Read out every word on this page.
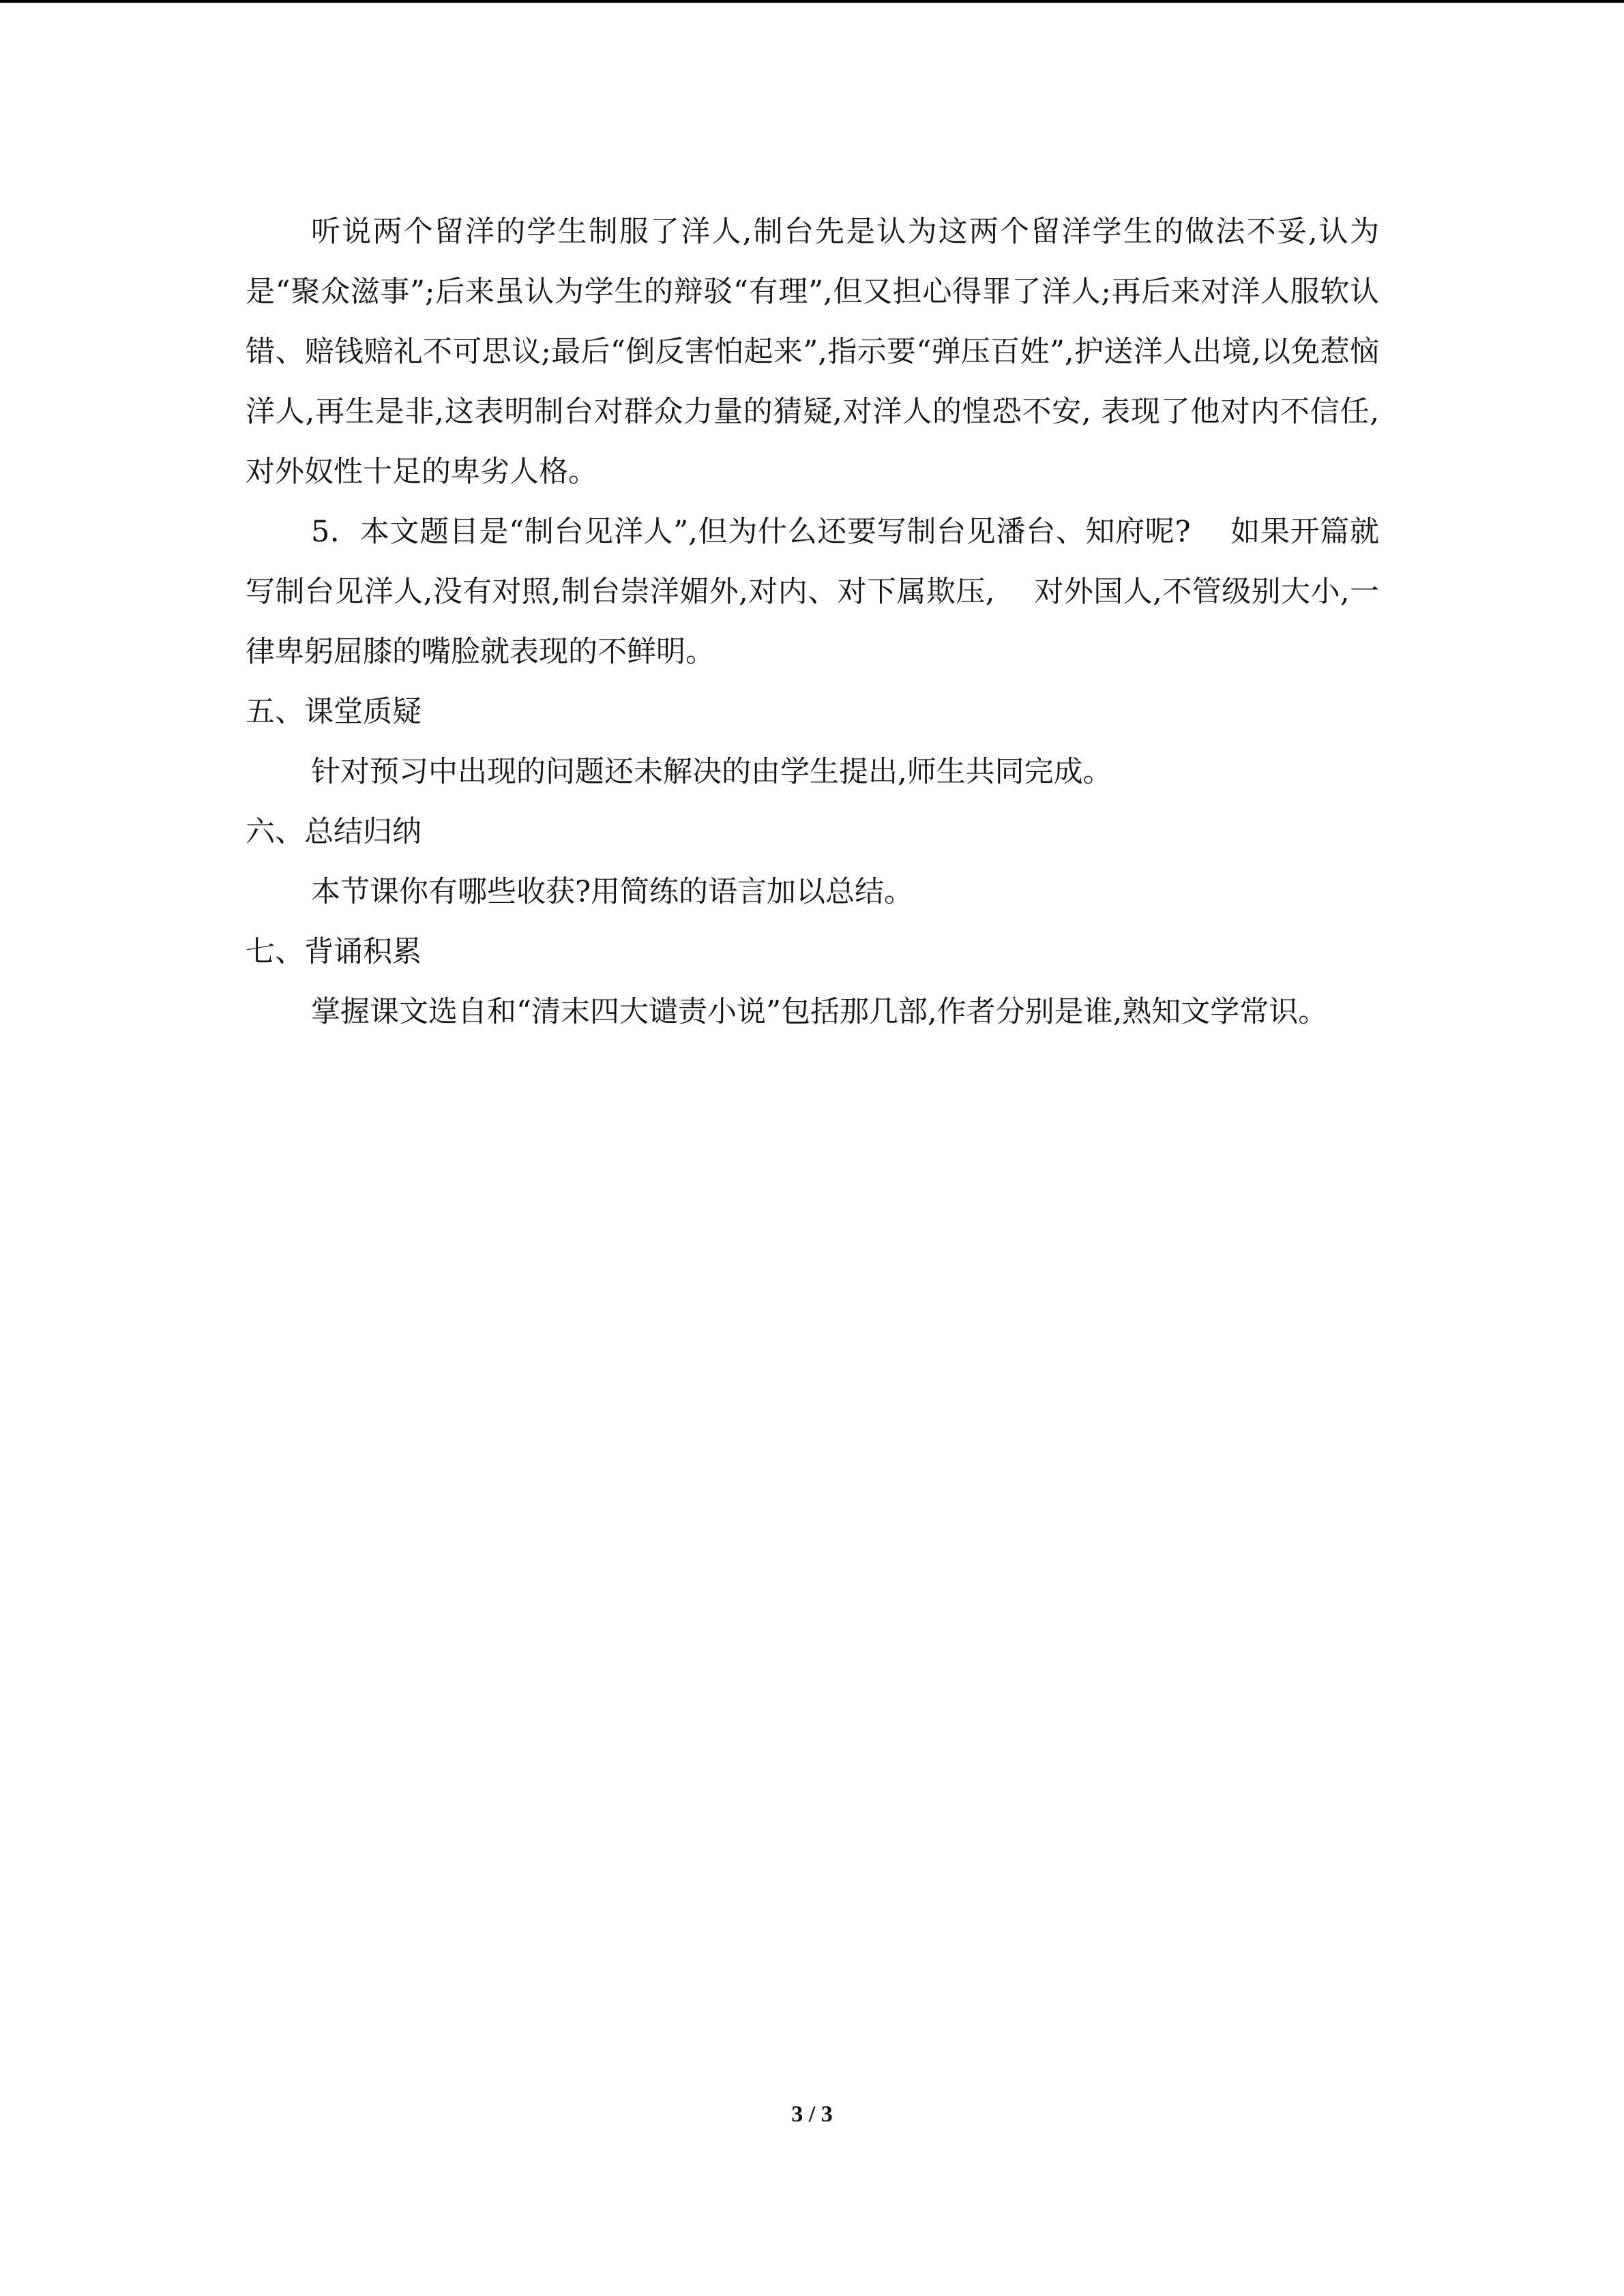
听说两个留洋的学生制服了洋人,制台先是认为这两个留洋学生的做法不妥,认为是“聚众滋事”;后来虽认为学生的辩驳“有理”,但又担心得罪了洋人;再后来对洋人服软认错、赔钱赔礼不可思议;最后“倒反害怕起来”,指示要“弹压百姓”,护送洋人出境,以免惹恼洋人,再生是非,这表明制台对群众力量的猜疑,对洋人的惶恐不安, 表现了他对内不信任, 对外奴性十足的卑劣人格。

5．本文题目是“制台见洋人”,但为什么还要写制台见潘台、知府呢?　 如果开篇就写制台见洋人,没有对照,制台崇洋媚外,对内、对下属欺压,　 对外国人,不管级别大小,一律卑躬屈膝的嘴脸就表现的不鲜明。

五、课堂质疑

针对预习中出现的问题还未解决的由学生提出,师生共同完成。

六、总结归纳

本节课你有哪些收获?用简练的语言加以总结。

七、背诵积累

掌握课文选自和“清末四大谴责小说”包括那几部,作者分别是谁,熟知文学常识。

3 / 3
